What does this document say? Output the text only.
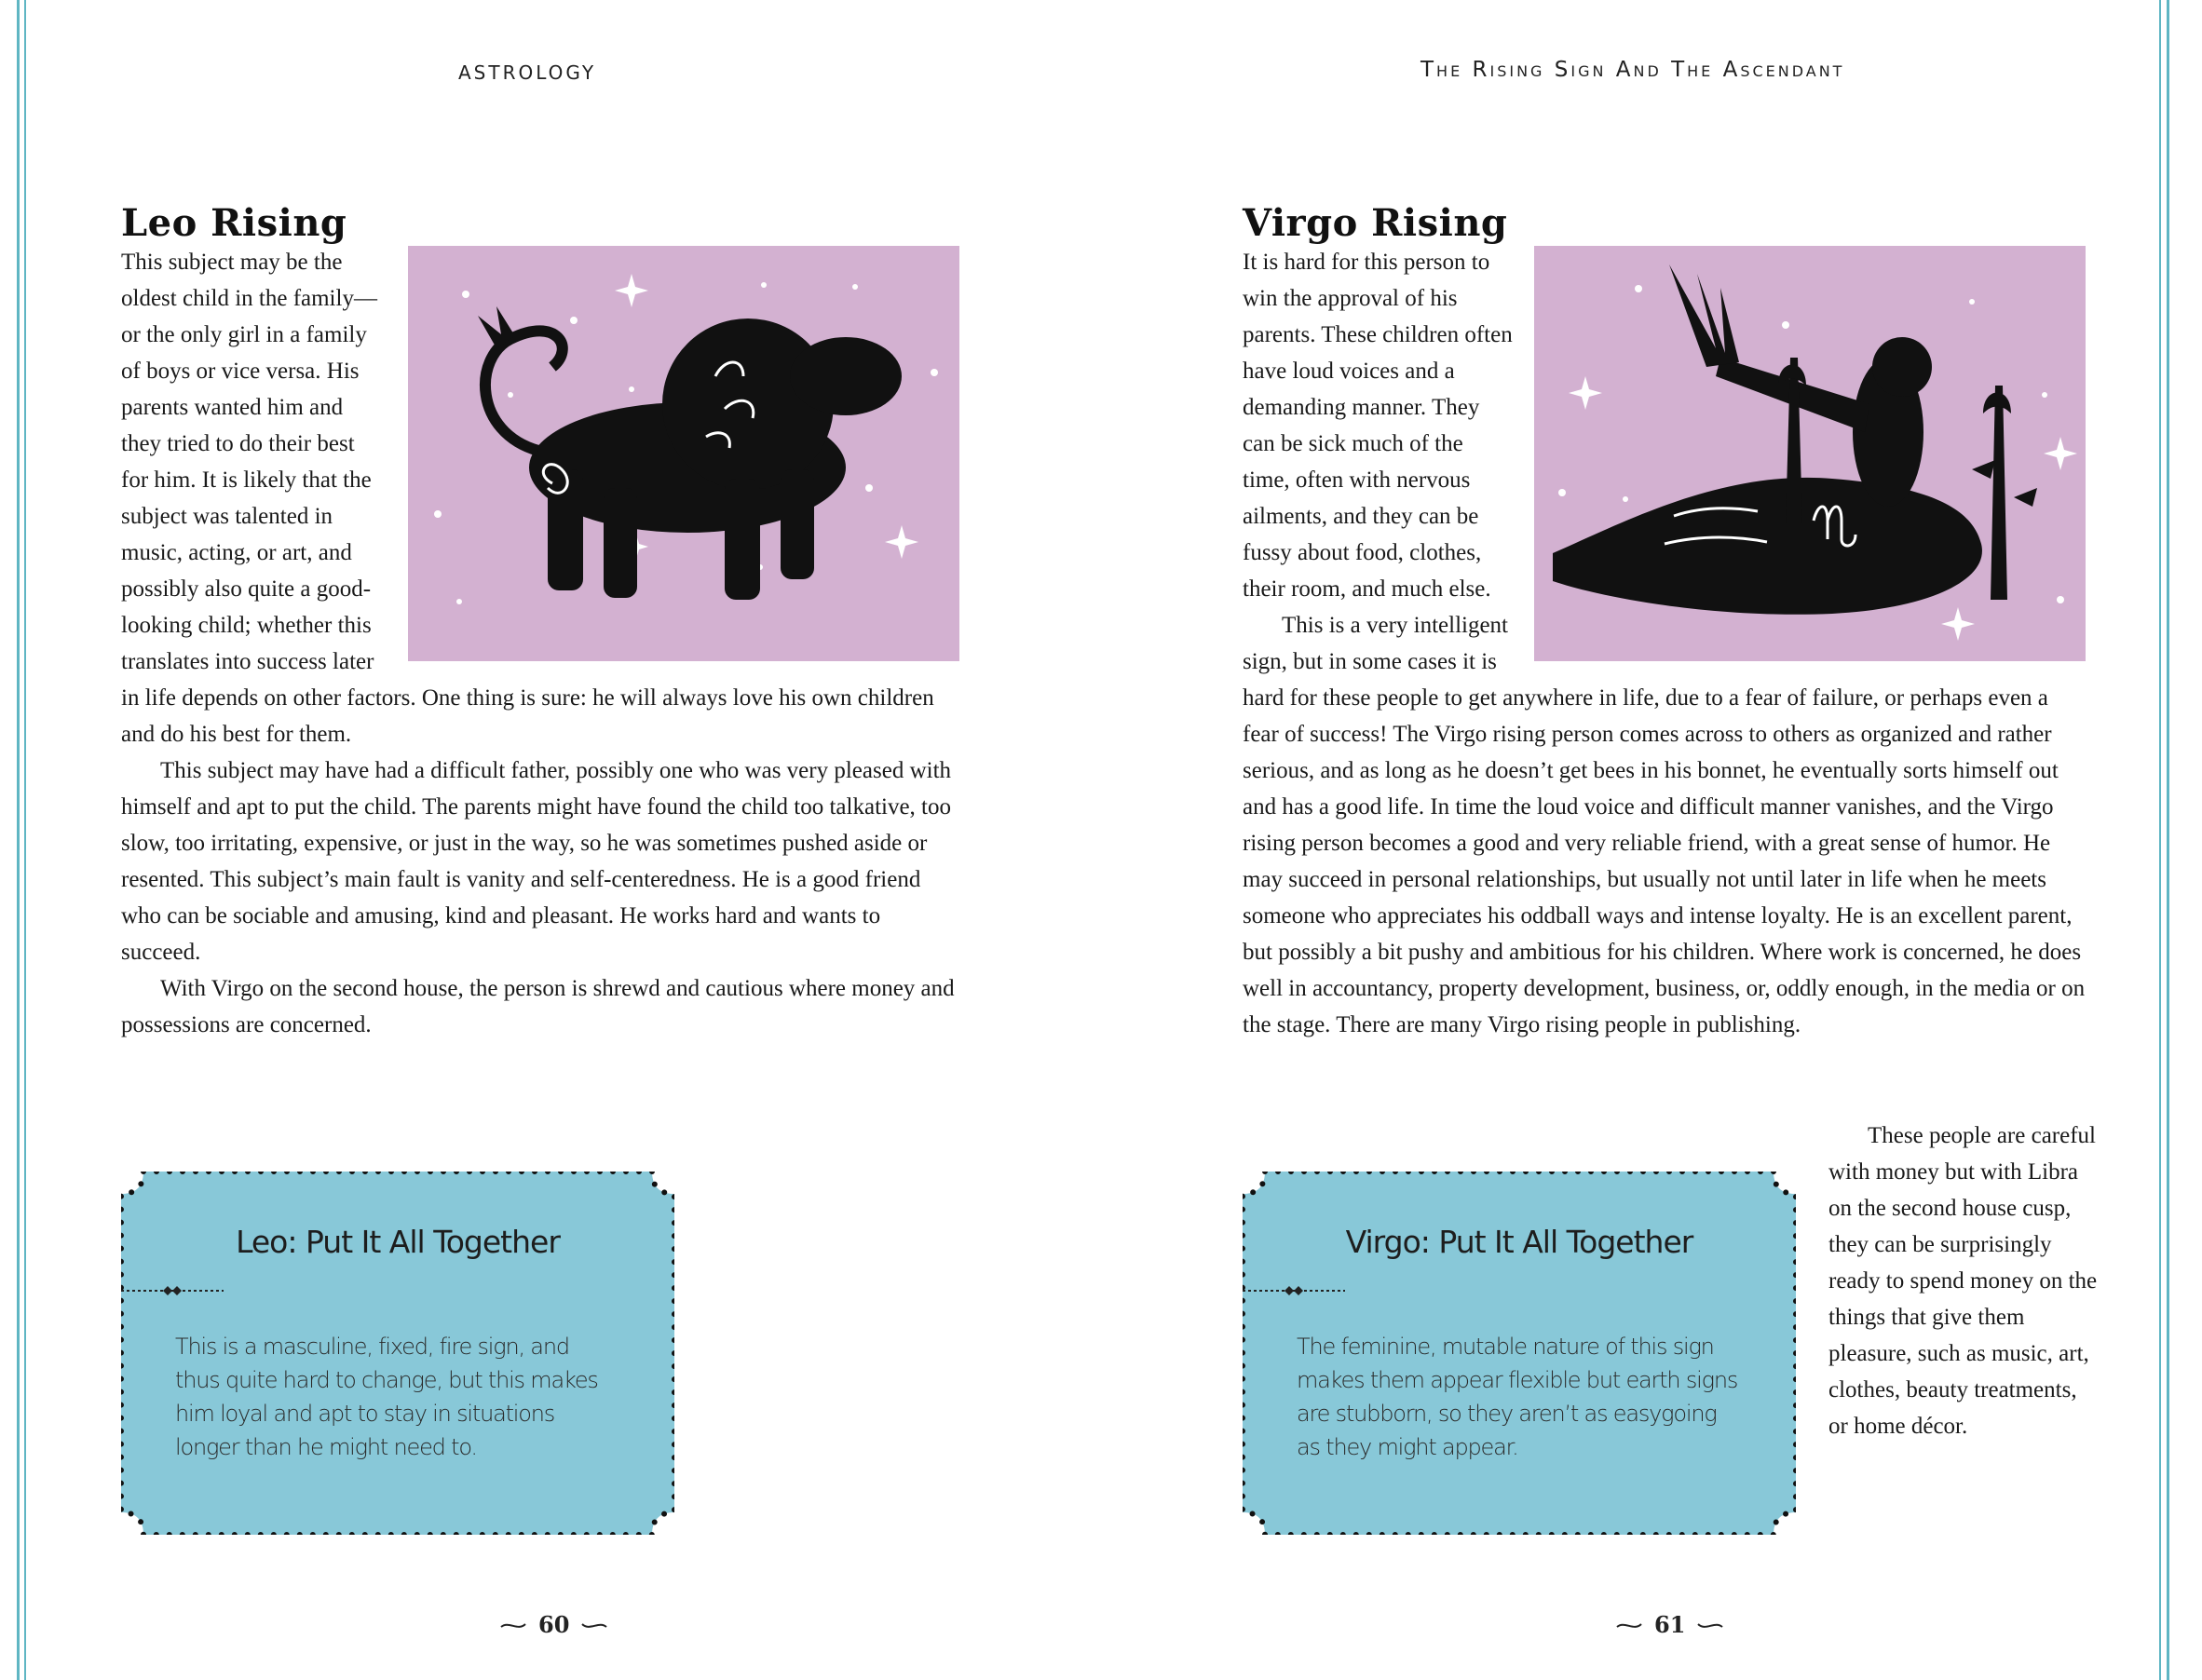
ASTROLOGY	The Rising Sign And The Ascendant
Leo Rising

This subject may be the oldest child in the family—or the only girl in a family of boys or vice versa. His parents wanted him and they tried to do their best for him. It is likely that the subject was talented in music, acting, or art, and possibly also quite a good-looking child; whether this translates into success later in life depends on other factors. One thing is sure: he will always love his own children and do his best for them.

This subject may have had a difficult father, possibly one who was very pleased with himself and apt to put the child. The parents might have found the child too talkative, too slow, too irritating, expensive, or just in the way, so he was sometimes pushed aside or resented. This subject’s main fault is vanity and self-centeredness. He is a good friend who can be sociable and amusing, kind and pleasant. He works hard and wants to succeed.

With Virgo on the second house, the person is shrewd and cautious where money and possessions are concerned.

Virgo Rising

It is hard for this person to win the approval of his parents. These children often have loud voices and a demanding manner. They can be sick much of the time, often with nervous ailments, and they can be fussy about food, clothes, their room, and much else.

This is a very intelligent sign, but in some cases it is hard for these people to get anywhere in life, due to a fear of failure, or perhaps even a fear of success! The Virgo rising person comes across to others as organized and rather serious, and as long as he doesn’t get bees in his bonnet, he eventually sorts himself out and has a good life. In time the loud voice and difficult manner vanishes, and the Virgo rising person becomes a good and very reliable friend, with a great sense of humor. He may succeed in personal relationships, but usually not until later in life when he meets someone who appreciates his oddball ways and intense loyalty. He is an excellent parent, but possibly a bit pushy and ambitious for his children. Where work is concerned, he does well in accountancy, property development, business, or, oddly enough, in the media or on the stage. There are many Virgo rising people in publishing.

These people are careful with money but with Libra on the second house cusp, they can be surprisingly ready to spend money on the things that give them pleasure, such as music, art, clothes, beauty treatments, or home décor.

Leo: Put It All Together
This is a masculine, fixed, fire sign, and thus quite hard to change, but this makes him loyal and apt to stay in situations longer than he might need to.
Virgo: Put It All Together
The feminine, mutable nature of this sign makes them appear flexible but earth signs are stubborn, so they aren’t as easygoing as they might appear.
60	61
